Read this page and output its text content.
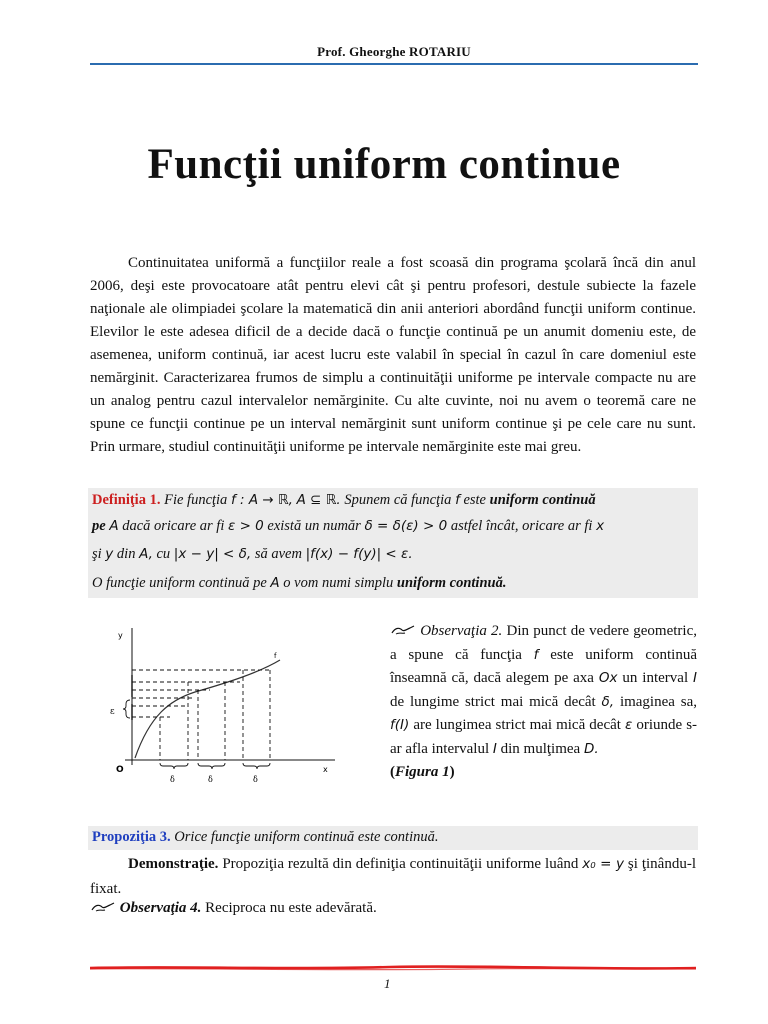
Prof. Gheorghe ROTARIU
Funcţii uniform continue
Continuitatea uniformă a funcţiilor reale a fost scoasă din programa şcolară încă din anul 2006, deşi este provocatoare atât pentru elevi cât şi pentru profesori, destule subiecte la fazele naţionale ale olimpiadei şcolare la matematică din anii anteriori abordând funcţii uniform continue. Elevilor le este adesea dificil de a decide dacă o funcţie continuă pe un anumit domeniu este, de asemenea, uniform continuă, iar acest lucru este valabil în special în cazul în care domeniul este nemărginit. Caracterizarea frumos de simplu a continuităţii uniforme pe intervale compacte nu are un analog pentru cazul intervalelor nemărginite. Cu alte cuvinte, noi nu avem o teoremă care ne spune ce funcţii continue pe un interval nemărginit sunt uniform continue şi pe cele care nu sunt. Prin urmare, studiul continuităţii uniforme pe intervale nemărginite este mai greu.
Definiţia 1. Fie funcţia f : A → ℝ, A ⊆ ℝ. Spunem că funcţia f este uniform continuă
pe A dacă oricare ar fi ε > 0 există un număr δ = δ(ε) > 0 astfel încât, oricare ar fi x
şi y din A, cu |x − y| < δ, să avem |f(x) − f(y)| < ε.
O funcţie uniform continuă pe A o vom numi simplu uniform continuă.
y
x
O
f
ε
δ	δ	δ
Observaţia 2. Din punct de vedere geometric, a spune că funcţia f este uniform continuă înseamnă că, dacă alegem pe axa Ox un interval I de lungime strict mai mică decât δ, imaginea sa, f(I) are lungimea strict mai mică decât ε oriunde s-ar afla intervalul I din mulţimea D.
(Figura 1)
Propoziţia 3. Orice funcţie uniform continuă este continuă.
Demonstraţie. Propoziţia rezultă din definiţia continuităţii uniforme luând x₀ = y şi ţinându-l fixat.
Observaţia 4. Reciproca nu este adevărată.
1
